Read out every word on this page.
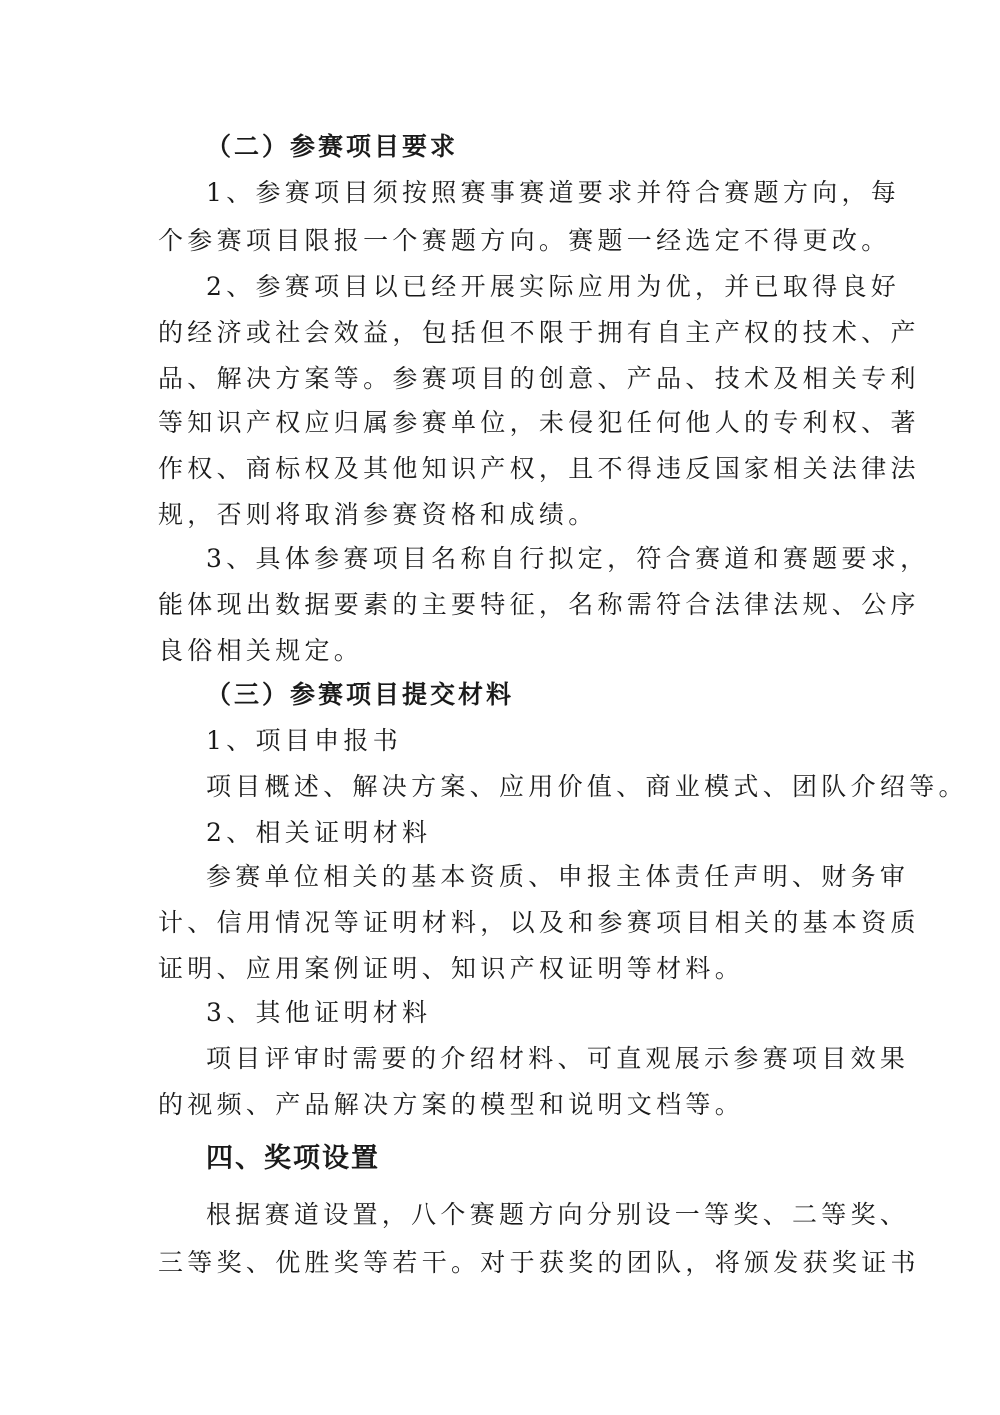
（二）参赛项目要求
1、参赛项目须按照赛事赛道要求并符合赛题方向，每
个参赛项目限报一个赛题方向。赛题一经选定不得更改。
2、参赛项目以已经开展实际应用为优，并已取得良好
的经济或社会效益，包括但不限于拥有自主产权的技术、产
品、解决方案等。参赛项目的创意、产品、技术及相关专利
等知识产权应归属参赛单位，未侵犯任何他人的专利权、著
作权、商标权及其他知识产权，且不得违反国家相关法律法
规，否则将取消参赛资格和成绩。
3、具体参赛项目名称自行拟定，符合赛道和赛题要求，
能体现出数据要素的主要特征，名称需符合法律法规、公序
良俗相关规定。
（三）参赛项目提交材料
1、项目申报书
项目概述、解决方案、应用价值、商业模式、团队介绍等。
2、相关证明材料
参赛单位相关的基本资质、申报主体责任声明、财务审
计、信用情况等证明材料，以及和参赛项目相关的基本资质
证明、应用案例证明、知识产权证明等材料。
3、其他证明材料
项目评审时需要的介绍材料、可直观展示参赛项目效果
的视频、产品解决方案的模型和说明文档等。
四、奖项设置
根据赛道设置，八个赛题方向分别设一等奖、二等奖、
三等奖、优胜奖等若干。对于获奖的团队，将颁发获奖证书
